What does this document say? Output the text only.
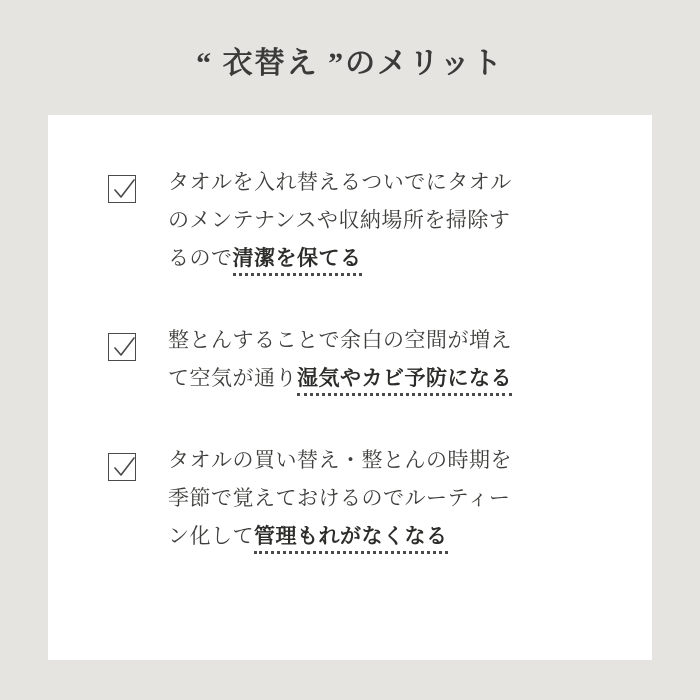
“ 衣替え ”のメリット
タオルを入れ替えるついでにタオル
のメンテナンスや収納場所を掃除す
るので清潔を保てる
整とんすることで余白の空間が増え
て空気が通り湿気やカビ予防になる
タオルの買い替え・整とんの時期を
季節で覚えておけるのでルーティー
ン化して管理もれがなくなる
